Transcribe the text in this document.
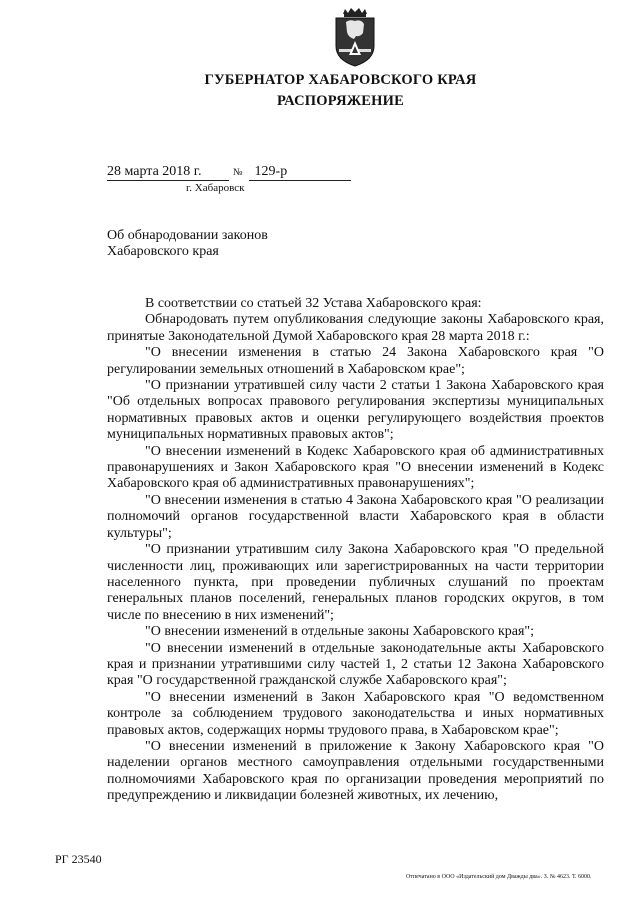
ГУБЕРНАТОР ХАБАРОВСКОГО КРАЯ
РАСПОРЯЖЕНИЕ
28 марта 2018 г.	№ 129-р
г. Хабаровск
Об обнародовании законов
Хабаровского края

В соответствии со статьей 32 Устава Хабаровского края:

Обнародовать путем опубликования следующие законы Хабаровского края, принятые Законодательной Думой Хабаровского края 28 марта 2018 г.:

"О внесении изменения в статью 24 Закона Хабаровского края "О регулировании земельных отношений в Хабаровском крае";

"О признании утратившей силу части 2 статьи 1 Закона Хабаровского края "Об отдельных вопросах правового регулирования экспертизы муниципальных нормативных правовых актов и оценки регулирующего воздействия проектов муниципальных нормативных правовых актов";

"О внесении изменений в Кодекс Хабаровского края об административных правонарушениях и Закон Хабаровского края "О внесении изменений в Кодекс Хабаровского края об административных правонарушениях";

"О внесении изменения в статью 4 Закона Хабаровского края "О реализации полномочий органов государственной власти Хабаровского края в области культуры";

"О признании утратившим силу Закона Хабаровского края "О предельной численности лиц, проживающих или зарегистрированных на части территории населенного пункта, при проведении публичных слушаний по проектам генеральных планов поселений, генеральных планов городских округов, в том числе по внесению в них изменений";

"О внесении изменений в отдельные законы Хабаровского края";

"О внесении изменений в отдельные законодательные акты Хабаровского края и признании утратившими силу частей 1, 2 статьи 12 Закона Хабаровского края "О государственной гражданской службе Хабаровского края";

"О внесении изменений в Закон Хабаровского края "О ведомственном контроле за соблюдением трудового законодательства и иных нормативных правовых актов, содержащих нормы трудового права, в Хабаровском крае";

"О внесении изменений в приложение к Закону Хабаровского края "О наделении органов местного самоуправления отдельными государственными полномочиями Хабаровского края по организации проведения мероприятий по предупреждению и ликвидации болезней животных, их лечению,

РГ 23540
Отпечатано в ООО «Издательский дом Дважды два». З. № 4623. Т. 6000.
